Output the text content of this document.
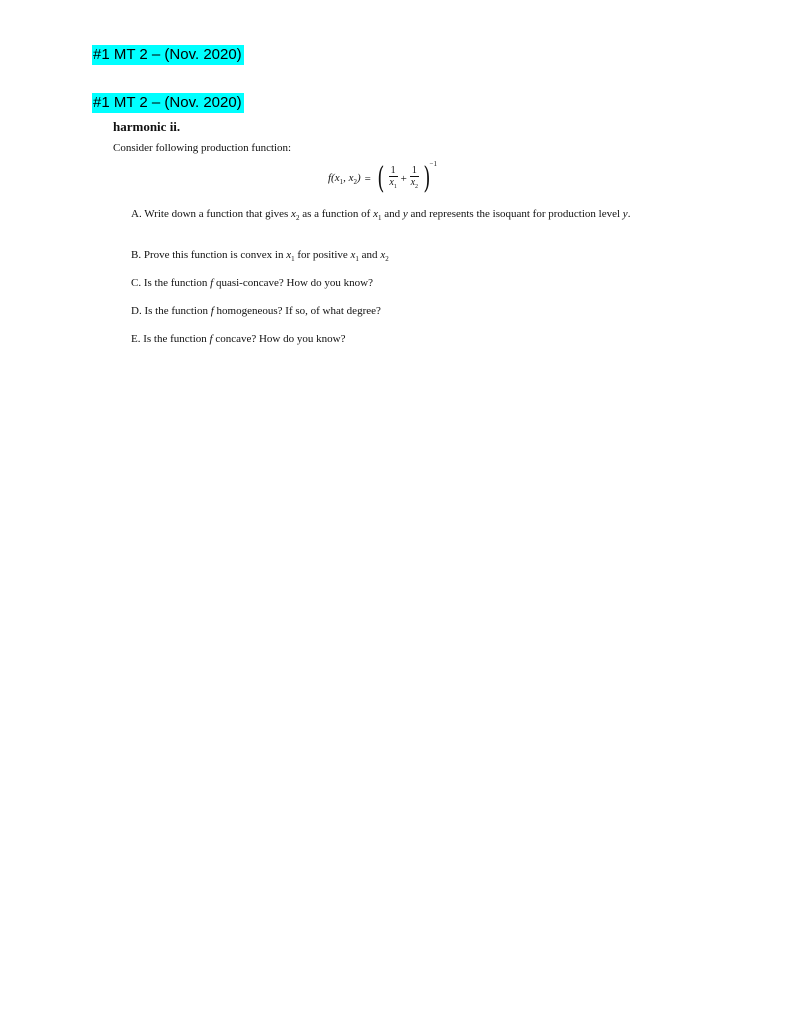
#1 MT 2 – (Nov. 2020)
#1 MT 2 – (Nov. 2020)
harmonic ii.
Consider following production function:
$f(x_1$, $x_2$) = ( $\frac{1}{x_1} + \frac{1}{x_2}$ ) −1
A. Write down a function that gives $x_2$ as a function of $x_1$ and y and represents the isoquant for production level y.
B. Prove this function is convex in $x_1$ for positive $x_1$ and $x_2$
C. Is the function f quasi-concave? How do you know?
D. Is the function f homogeneous? If so, of what degree?
E. Is the function f concave? How do you know?
